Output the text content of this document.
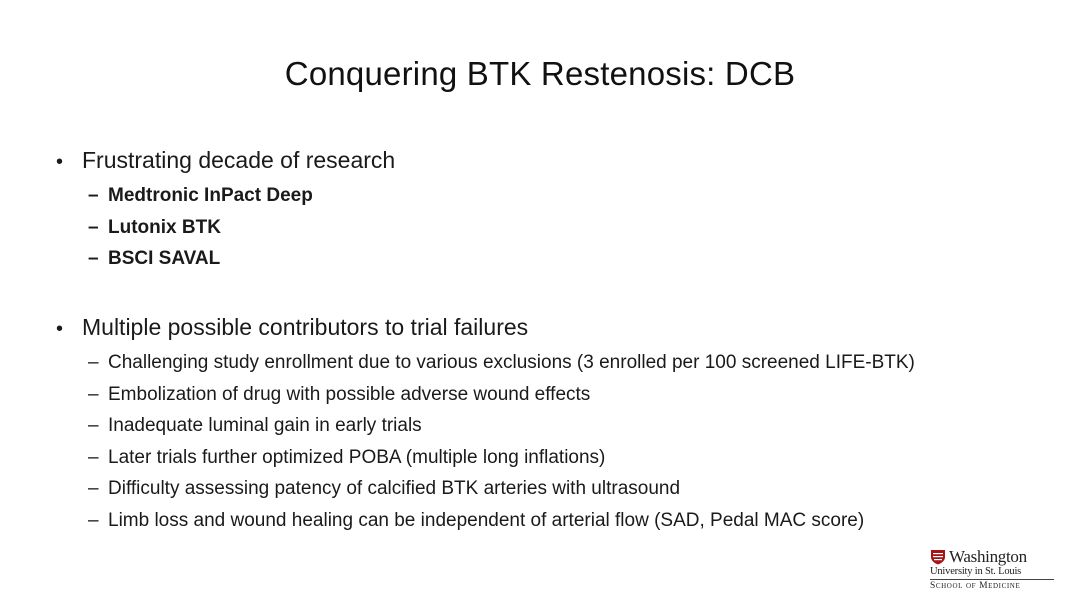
Conquering BTK Restenosis: DCB
• Frustrating decade of research
– Medtronic InPact Deep
– Lutonix BTK
– BSCI SAVAL
• Multiple possible contributors to trial failures
– Challenging study enrollment due to various exclusions (3 enrolled per 100 screened LIFE-BTK)
– Embolization of drug with possible adverse wound effects
– Inadequate luminal gain in early trials
– Later trials further optimized POBA (multiple long inflations)
– Difficulty assessing patency of calcified BTK arteries with ultrasound
– Limb loss and wound healing can be independent of arterial flow (SAD, Pedal MAC score)
Washington
University in St. Louis
School of Medicine
